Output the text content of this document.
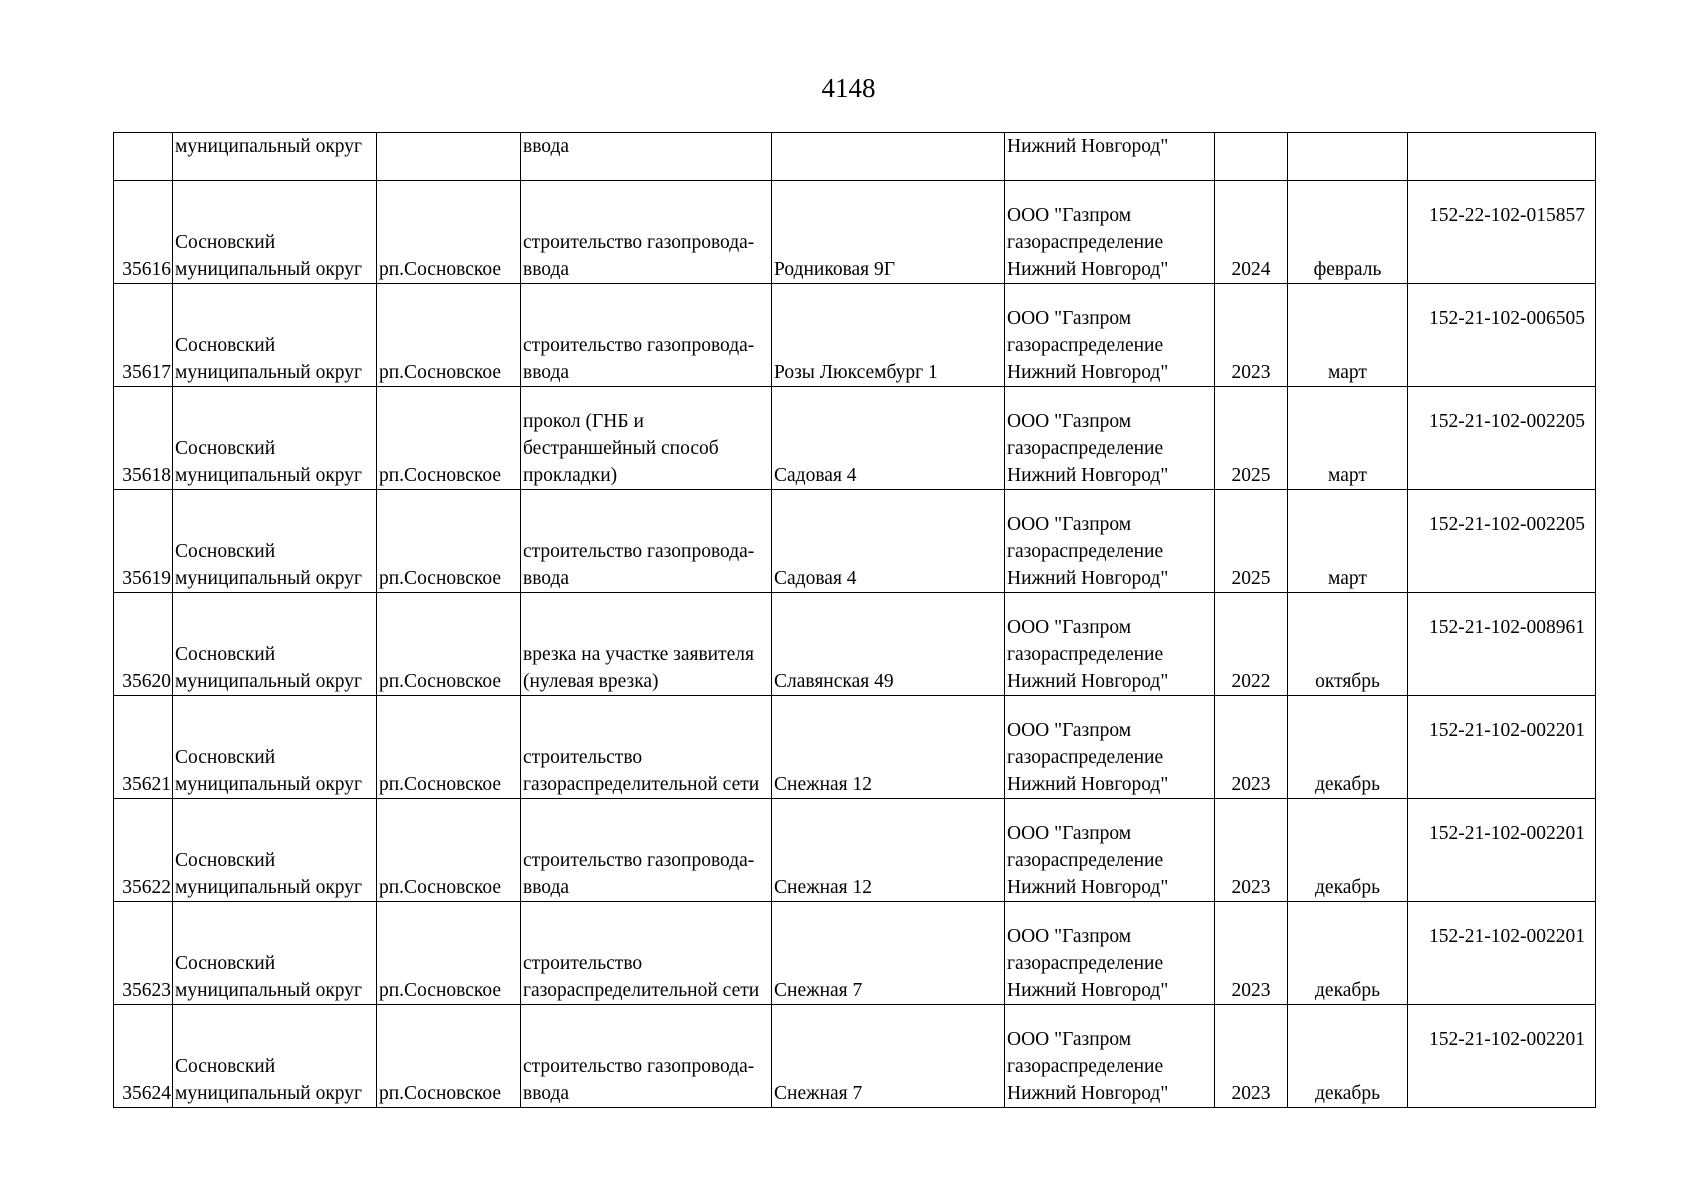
4148
	муниципальный округ		ввода		Нижний Новгород"			

35616	Сосновский
муниципальный округ	рп.Сосновское	строительство газопровода-
ввода	Родниковая 9Г	ООО "Газпром
газораспределение
Нижний Новгород"	2024	февраль	152-22-102-015857

35617	Сосновский
муниципальный округ	рп.Сосновское	строительство газопровода-
ввода	Розы Люксембург 1	ООО "Газпром
газораспределение
Нижний Новгород"	2023	март	152-21-102-006505

35618	Сосновский
муниципальный округ	рп.Сосновское	прокол (ГНБ и
бестраншейный способ
прокладки)	Садовая 4	ООО "Газпром
газораспределение
Нижний Новгород"	2025	март	152-21-102-002205

35619	Сосновский
муниципальный округ	рп.Сосновское	строительство газопровода-
ввода	Садовая 4	ООО "Газпром
газораспределение
Нижний Новгород"	2025	март	152-21-102-002205

35620	Сосновский
муниципальный округ	рп.Сосновское	врезка на участке заявителя
(нулевая врезка)	Славянская 49	ООО "Газпром
газораспределение
Нижний Новгород"	2022	октябрь	152-21-102-008961

35621	Сосновский
муниципальный округ	рп.Сосновское	строительство
газораспределительной сети	Снежная 12	ООО "Газпром
газораспределение
Нижний Новгород"	2023	декабрь	152-21-102-002201

35622	Сосновский
муниципальный округ	рп.Сосновское	строительство газопровода-
ввода	Снежная 12	ООО "Газпром
газораспределение
Нижний Новгород"	2023	декабрь	152-21-102-002201

35623	Сосновский
муниципальный округ	рп.Сосновское	строительство
газораспределительной сети	Снежная 7	ООО "Газпром
газораспределение
Нижний Новгород"	2023	декабрь	152-21-102-002201

35624	Сосновский
муниципальный округ	рп.Сосновское	строительство газопровода-
ввода	Снежная 7	ООО "Газпром
газораспределение
Нижний Новгород"	2023	декабрь	152-21-102-002201
